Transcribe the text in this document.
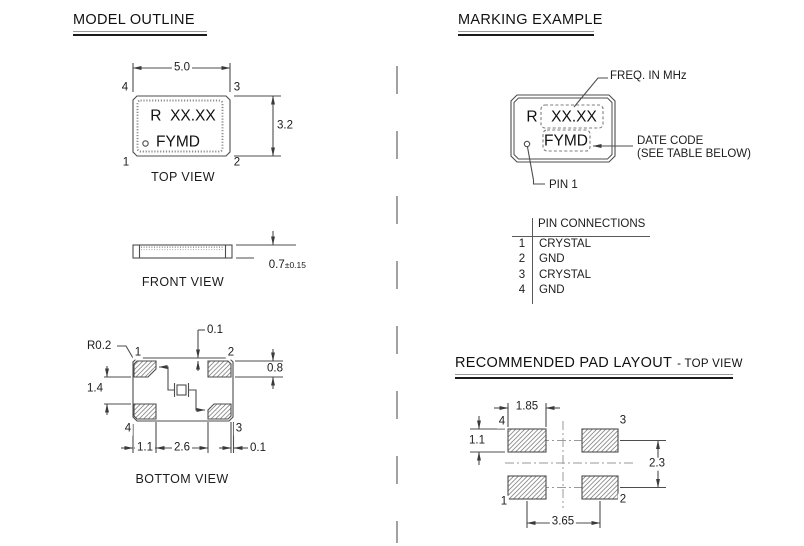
MODEL OUTLINE	MARKING EXAMPLE
RECOMMENDED PAD LAYOUT - TOP VIEW
5.0
4	3
1	2
3.2
R  XX.XX
FYMD
TOP VIEW

0.7±0.15

FRONT VIEW
R0.2
0.1
0.8
1.4
1.1 2.6	0.1
1	2
4	3
BOTTOM VIEW
R XX.XX
FYMD
FREQ. IN MHz
DATE CODE
(SEE TABLE BELOW)
PIN 1
PIN CONNECTIONS
1	CRYSTAL
2	GND
3	CRYSTAL
4	GND
1.85
1.1
2.3
3.65
4	3
1	2
